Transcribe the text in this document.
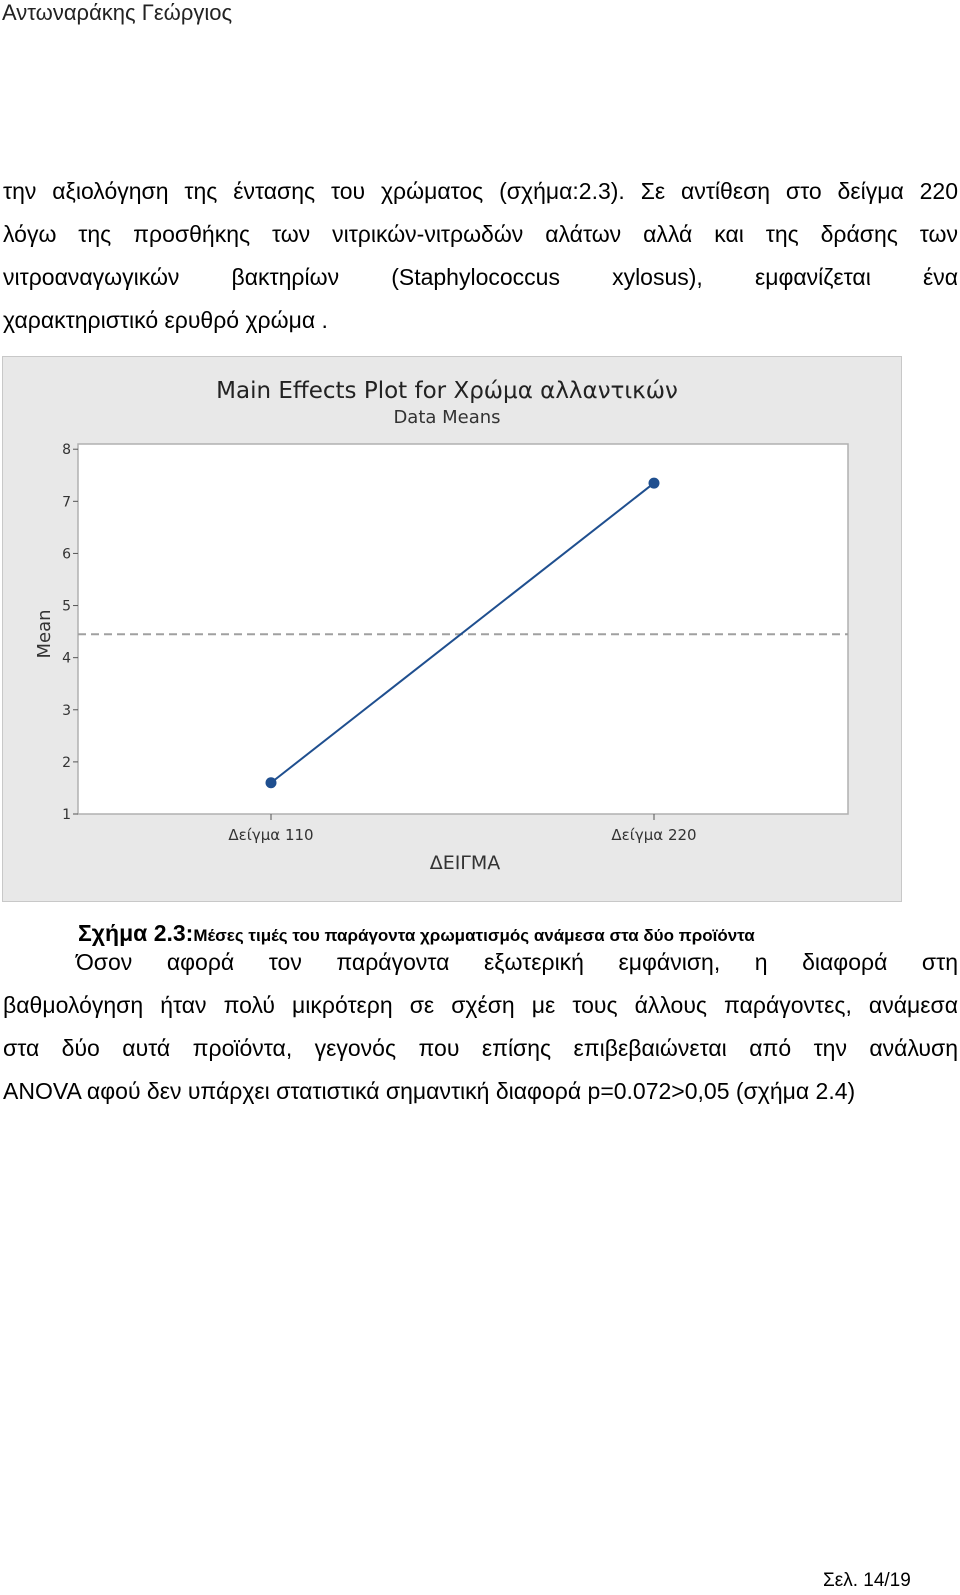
Αντωναράκης Γεώργιος
την αξιολόγηση της έντασης του χρώματος (σχήμα:2.3). Σε αντίθεση στο δείγμα 220
λόγω της προσθήκης των νιτρικών-νιτρωδών αλάτων αλλά και της δράσης των
νιτροαναγωγικών βακτηρίων (Staphylococcus xylosus), εμφανίζεται ένα
χαρακτηριστικό ερυθρό χρώμα .
Main Effects Plot for Χρώμα αλλαντικών
Data Means
1
2
3
4
5
6
7
8
Mean
Δείγμα 110	Δείγμα 220
ΔΕΙΓΜΑ
Σχήμα 2.3:Μέσες τιμές του παράγοντα χρωματισμός ανάμεσα στα δύο προϊόντα
Όσον αφορά τον παράγοντα εξωτερική εμφάνιση, η διαφορά στη
βαθμολόγηση ήταν πολύ μικρότερη σε σχέση με τους άλλους παράγοντες, ανάμεσα
στα δύο αυτά προϊόντα, γεγονός που επίσης επιβεβαιώνεται από την ανάλυση
ANOVA αφού δεν υπάρχει στατιστικά σημαντική διαφορά p=0.072>0,05 (σχήμα 2.4)
Σελ. 14/19
